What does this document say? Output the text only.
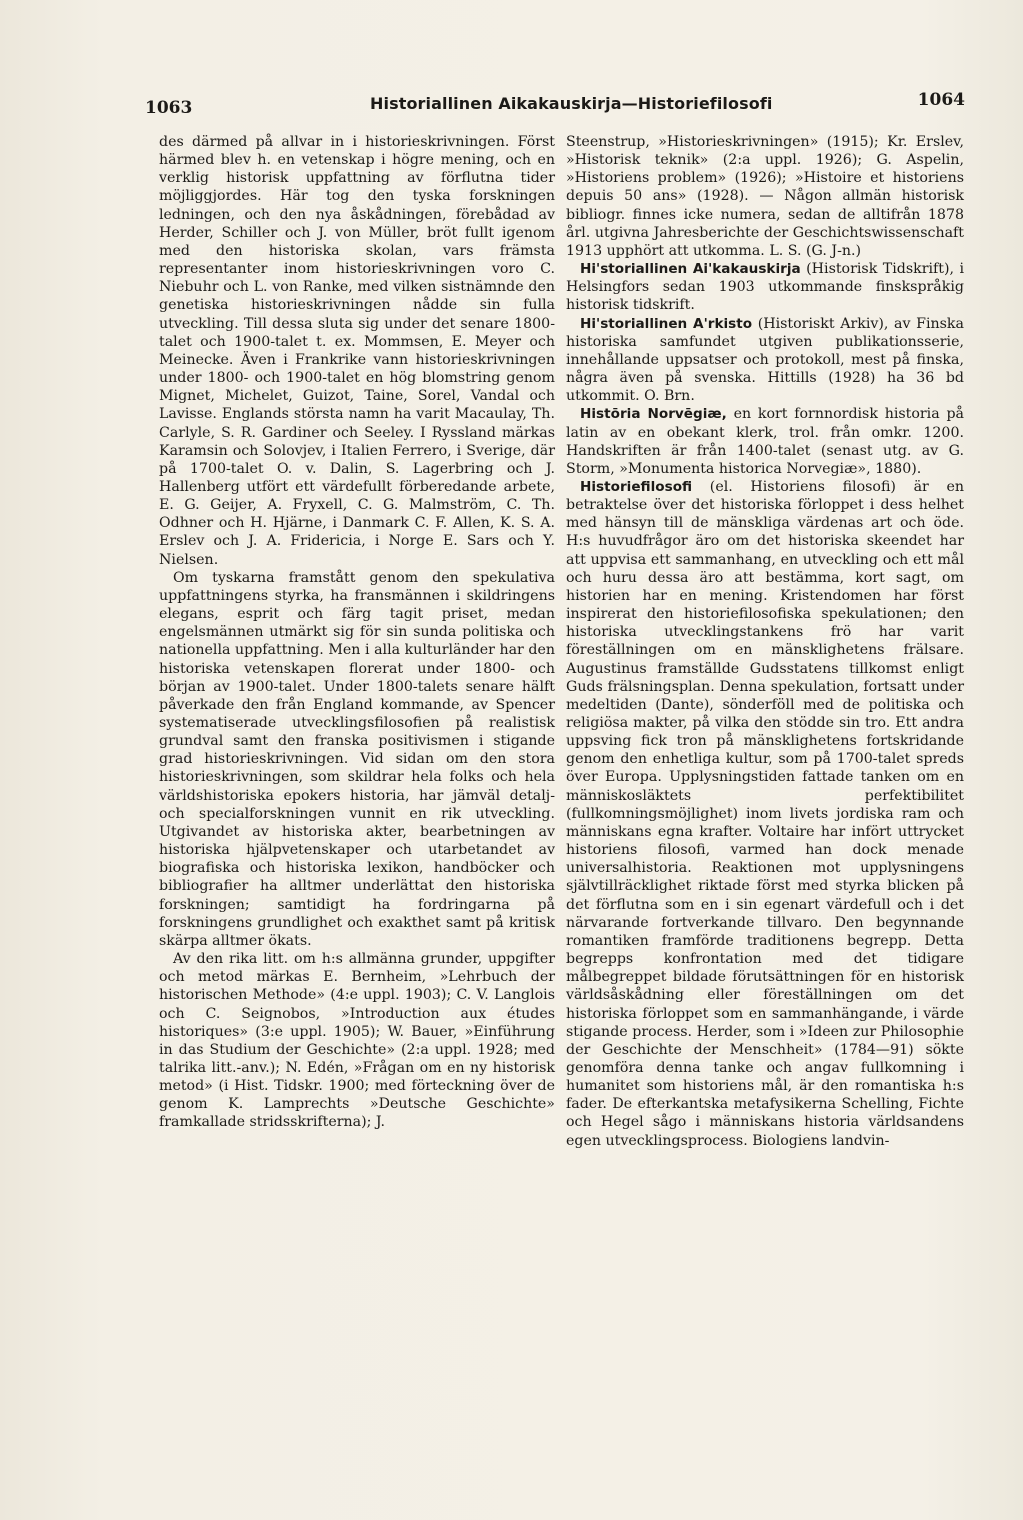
1063	Historiallinen Aikakauskirja—Historiefilosofi	1064

des därmed på allvar in i historieskrivningen. Först härmed blev h. en vetenskap i högre mening, och en verklig historisk uppfattning av förflutna tider möjliggjordes. Här tog den tyska forskningen ledningen, och den nya åskådningen, förebådad av Herder, Schiller och J. von Müller, bröt fullt igenom med den historiska skolan, vars främsta representanter inom historieskrivningen voro C. Niebuhr och L. von Ranke, med vilken sistnämnde den genetiska historieskrivningen nådde sin fulla utveckling. Till dessa sluta sig under det senare 1800-talet och 1900-talet t. ex. Mommsen, E. Meyer och Meinecke. Även i Frankrike vann historieskrivningen under 1800- och 1900-talet en hög blomstring genom Mignet, Michelet, Guizot, Taine, Sorel, Vandal och Lavisse. Englands största namn ha varit Macaulay, Th. Carlyle, S. R. Gardiner och Seeley. I Ryssland märkas Karamsin och Solovjev, i Italien Ferrero, i Sverige, där på 1700-talet O. v. Dalin, S. Lagerbring och J. Hallenberg utfört ett värdefullt förberedande arbete, E. G. Geijer, A. Fryxell, C. G. Malmström, C. Th. Odhner och H. Hjärne, i Danmark C. F. Allen, K. S. A. Erslev och J. A. Fridericia, i Norge E. Sars och Y. Nielsen.

Om tyskarna framstått genom den spekulativa uppfattningens styrka, ha fransmännen i skildringens elegans, esprit och färg tagit priset, medan engelsmännen utmärkt sig för sin sunda politiska och nationella uppfattning. Men i alla kulturländer har den historiska vetenskapen florerat under 1800- och början av 1900-talet. Under 1800-talets senare hälft påverkade den från England kommande, av Spencer systematiserade utvecklingsfilosofien på realistisk grundval samt den franska positivismen i stigande grad historieskrivningen. Vid sidan om den stora historieskrivningen, som skildrar hela folks och hela världshistoriska epokers historia, har jämväl detalj- och specialforskningen vunnit en rik utveckling. Utgivandet av historiska akter, bearbetningen av historiska hjälpvetenskaper och utarbetandet av biografiska och historiska lexikon, handböcker och bibliografier ha alltmer underlättat den historiska forskningen; samtidigt ha fordringarna på forskningens grundlighet och exakthet samt på kritisk skärpa alltmer ökats.

Av den rika litt. om h:s allmänna grunder, uppgifter och metod märkas E. Bernheim, »Lehrbuch der historischen Methode» (4:e uppl. 1903); C. V. Langlois och C. Seignobos, »Introduction aux études historiques» (3:e uppl. 1905); W. Bauer, »Einführung in das Studium der Geschichte» (2:a uppl. 1928; med talrika litt.-anv.); N. Edén, »Frågan om en ny historisk metod» (i Hist. Tidskr. 1900; med förteckning över de genom K. Lamprechts »Deutsche Geschichte» framkallade stridsskrifterna); J.

Steenstrup, »Historieskrivningen» (1915); Kr. Erslev, »Historisk teknik» (2:a uppl. 1926); G. Aspelin, »Historiens problem» (1926); »Histoire et historiens depuis 50 ans» (1928). — Någon allmän historisk bibliogr. finnes icke numera, sedan de alltifrån 1878 årl. utgivna Jahresberichte der Geschichtswissenschaft 1913 upphört att utkomma. L. S. (G. J-n.)

Hi'storiallinen Ai'kakauskirja (Historisk Tidskrift), i Helsingfors sedan 1903 utkommande finskspråkig historisk tidskrift.

Hi'storiallinen A'rkisto (Historiskt Arkiv), av Finska historiska samfundet utgiven publikationsserie, innehållande uppsatser och protokoll, mest på finska, några även på svenska. Hittills (1928) ha 36 bd utkommit. O. Brn.

Histōria Norvēgiæ, en kort fornnordisk historia på latin av en obekant klerk, trol. från omkr. 1200. Handskriften är från 1400-talet (senast utg. av G. Storm, »Monumenta historica Norvegiæ», 1880).

Historiefilosofi (el. Historiens filosofi) är en betraktelse över det historiska förloppet i dess helhet med hänsyn till de mänskliga värdenas art och öde. H:s huvudfrågor äro om det historiska skeendet har att uppvisa ett sammanhang, en utveckling och ett mål och huru dessa äro att bestämma, kort sagt, om historien har en mening. Kristendomen har först inspirerat den historiefilosofiska spekulationen; den historiska utvecklingstankens frö har varit föreställningen om en mänsklighetens frälsare. Augustinus framställde Gudsstatens tillkomst enligt Guds frälsningsplan. Denna spekulation, fortsatt under medeltiden (Dante), sönderföll med de politiska och religiösa makter, på vilka den stödde sin tro. Ett andra uppsving fick tron på mänsklighetens fortskridande genom den enhetliga kultur, som på 1700-talet spreds över Europa. Upplysningstiden fattade tanken om en människosläktets perfektibilitet (fullkomningsmöjlighet) inom livets jordiska ram och människans egna krafter. Voltaire har infört uttrycket historiens filosofi, varmed han dock menade universalhistoria. Reaktionen mot upplysningens självtillräcklighet riktade först med styrka blicken på det förflutna som en i sin egenart värdefull och i det närvarande fortverkande tillvaro. Den begynnande romantiken framförde traditionens begrepp. Detta begrepps konfrontation med det tidigare målbegreppet bildade förutsättningen för en historisk världsåskådning eller föreställningen om det historiska förloppet som en sammanhängande, i värde stigande process. Herder, som i »Ideen zur Philosophie der Geschichte der Menschheit» (1784—91) sökte genomföra denna tanke och angav fullkomning i humanitet som historiens mål, är den romantiska h:s fader. De efterkantska metafysikerna Schelling, Fichte och Hegel sågo i människans historia världsandens egen utvecklingsprocess. Biologiens landvin-
